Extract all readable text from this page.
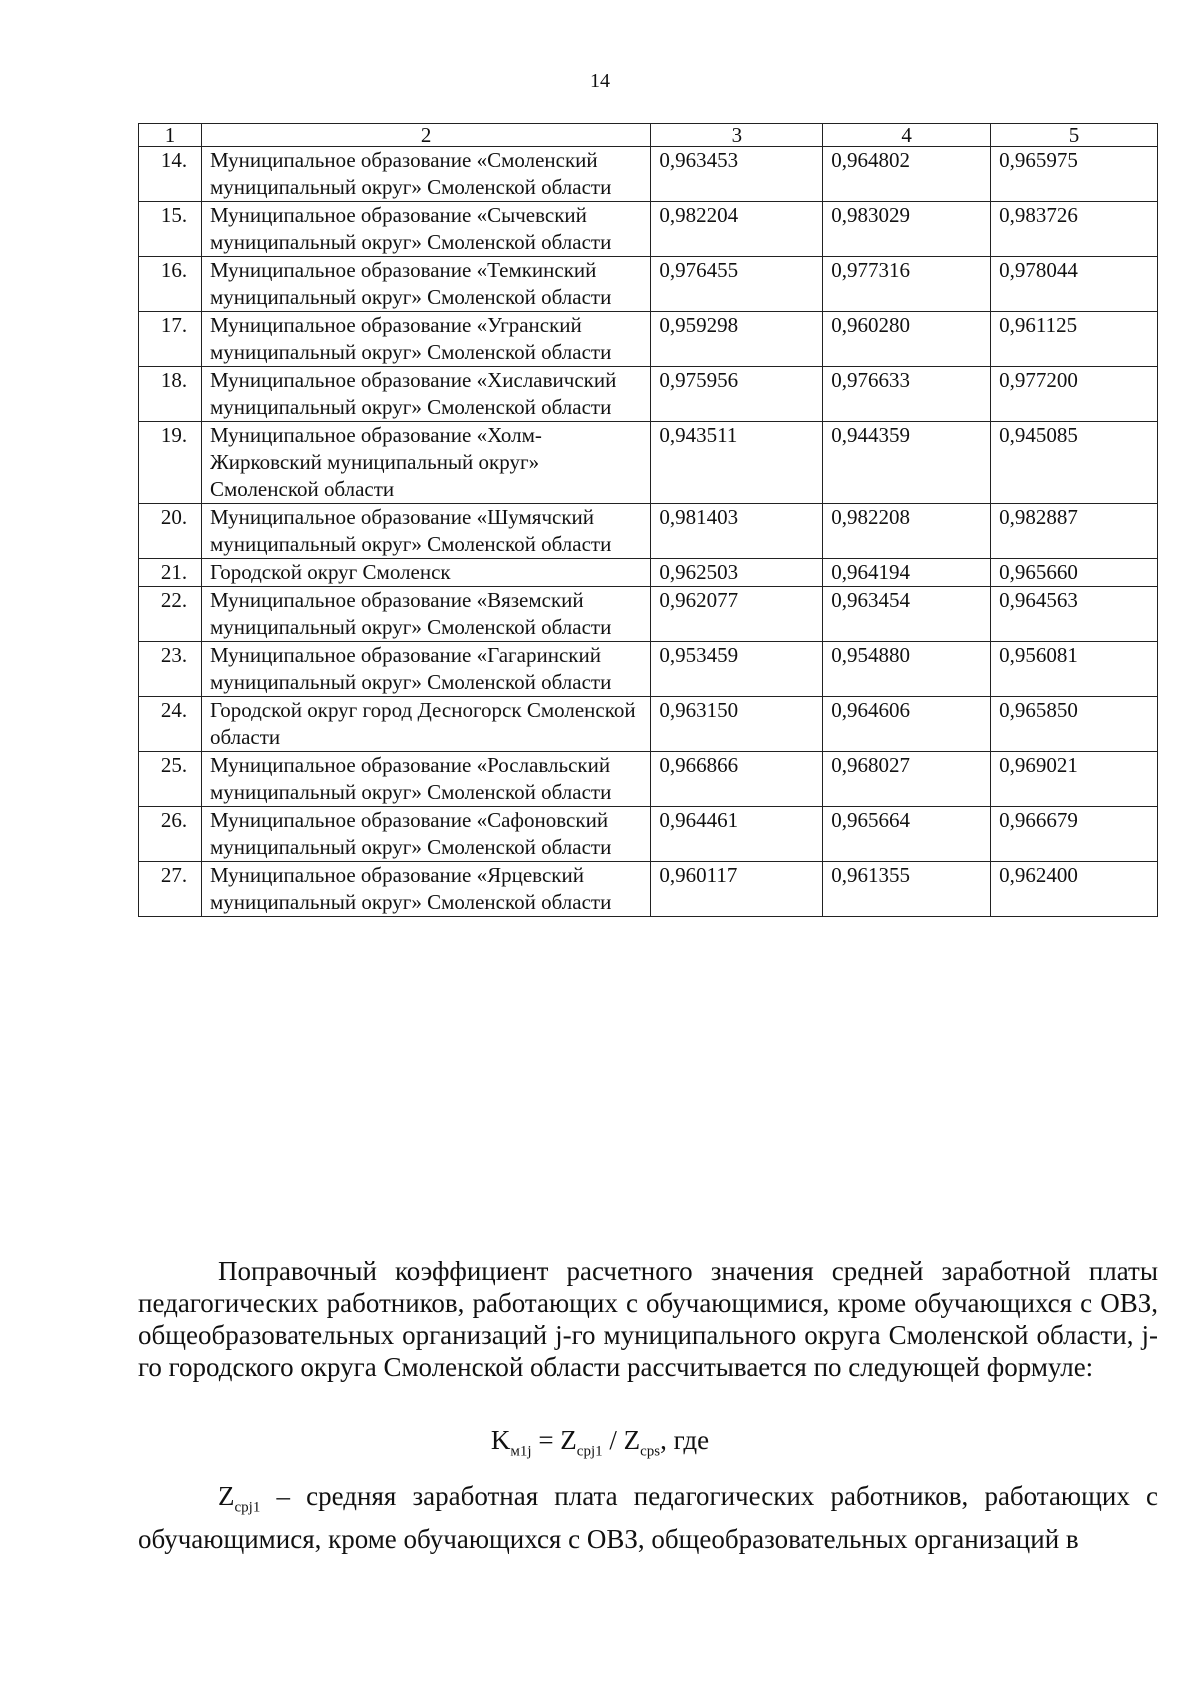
14
1	2	3	4	5
14.	Муниципальное образование «Смоленский муниципальный округ» Смоленской области	0,963453	0,964802	0,965975
15.	Муниципальное образование «Сычевский муниципальный округ» Смоленской области	0,982204	0,983029	0,983726
16.	Муниципальное образование «Темкинский муниципальный округ» Смоленской области	0,976455	0,977316	0,978044
17.	Муниципальное образование «Угранский муниципальный округ» Смоленской области	0,959298	0,960280	0,961125
18.	Муниципальное образование «Хиславичский муниципальный округ» Смоленской области	0,975956	0,976633	0,977200
19.	Муниципальное образование «Холм-Жирковский муниципальный округ» Смоленской области	0,943511	0,944359	0,945085
20.	Муниципальное образование «Шумячский муниципальный округ» Смоленской области	0,981403	0,982208	0,982887
21.	Городской округ Смоленск	0,962503	0,964194	0,965660
22.	Муниципальное образование «Вяземский муниципальный округ» Смоленской области	0,962077	0,963454	0,964563
23.	Муниципальное образование «Гагаринский муниципальный округ» Смоленской области	0,953459	0,954880	0,956081
24.	Городской округ город Десногорск Смоленской области	0,963150	0,964606	0,965850
25.	Муниципальное образование «Рославльский муниципальный округ» Смоленской области	0,966866	0,968027	0,969021
26.	Муниципальное образование «Сафоновский муниципальный округ» Смоленской области	0,964461	0,965664	0,966679
27.	Муниципальное образование «Ярцевский муниципальный округ» Смоленской области	0,960117	0,961355	0,962400
Поправочный коэффициент расчетного значения средней заработной платы педагогических работников, работающих с обучающимися, кроме обучающихся с ОВЗ, общеобразовательных организаций j-го муниципального округа Смоленской области, j-го городского округа Смоленской области рассчитывается по следующей формуле:
$K_{м1j} = Z_{срj1} / Z_{срs}$, где
$Z_{срj1}$ – средняя заработная плата педагогических работников, работающих с обучающимися, кроме обучающихся с ОВЗ, общеобразовательных организаций в
